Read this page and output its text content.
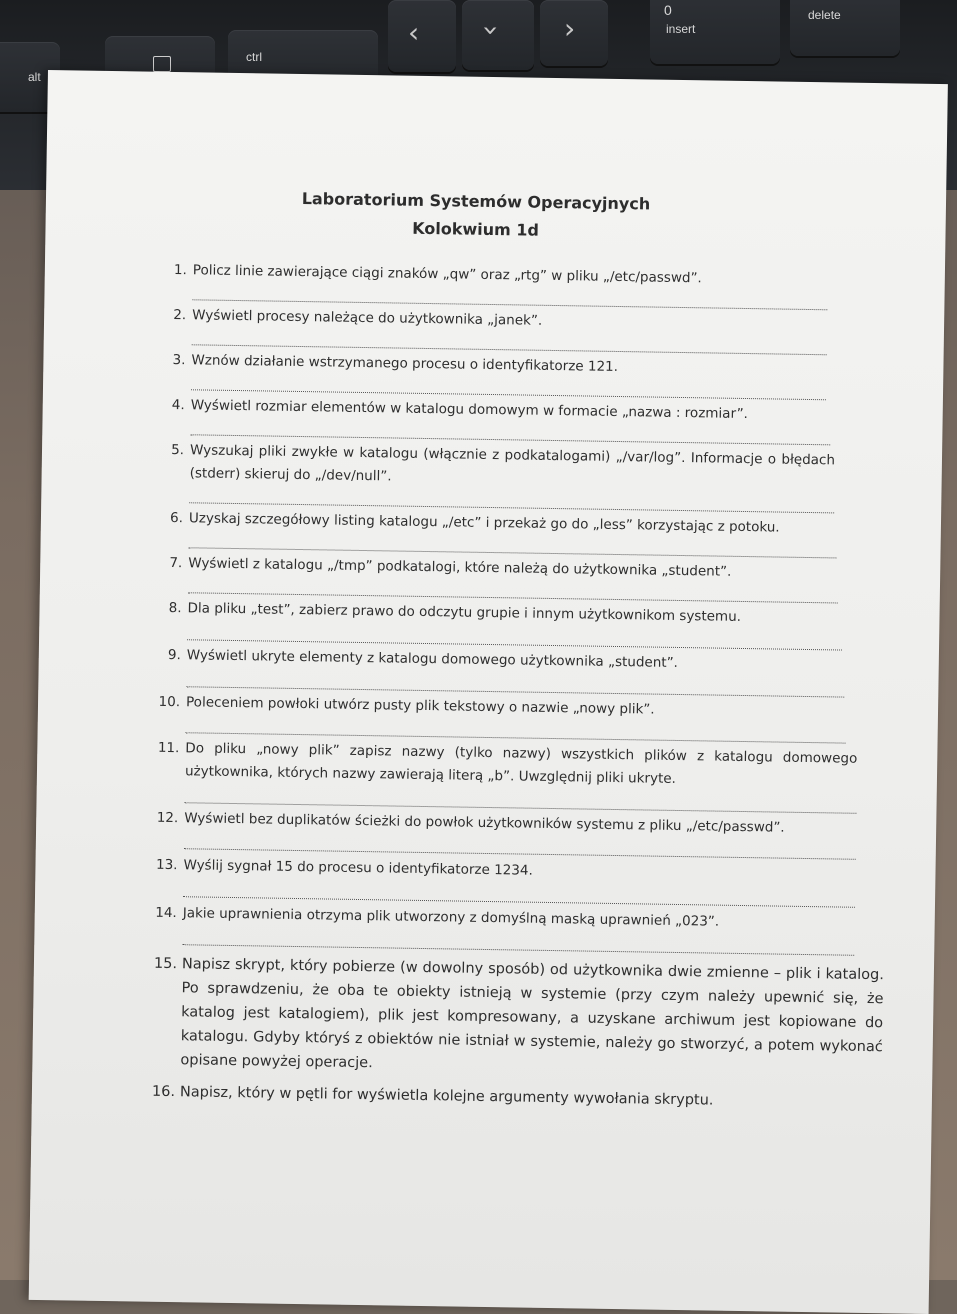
alt
ctrl
‹ › ›
0
insert
delete
Laboratorium Systemów Operacyjnych
Kolokwium 1d
1. Policz linie zawierające ciągi znaków „qw” oraz „rtg” w pliku „/etc/passwd”.
2. Wyświetl procesy należące do użytkownika „janek”.
3. Wznów działanie wstrzymanego procesu o identyfikatorze 121.
4. Wyświetl rozmiar elementów w katalogu domowym w formacie „nazwa : rozmiar”.
5. Wyszukaj pliki zwykłe w katalogu (włącznie z podkatalogami) „/var/log”. Informacje o błędach (stderr) skieruj do „/dev/null”.
6. Uzyskaj szczegółowy listing katalogu „/etc” i przekaż go do „less” korzystając z potoku.
7. Wyświetl z katalogu „/tmp” podkatalogi, które należą do użytkownika „student”.
8. Dla pliku „test”, zabierz prawo do odczytu grupie i innym użytkownikom systemu.
9. Wyświetl ukryte elementy z katalogu domowego użytkownika „student”.
10. Poleceniem powłoki utwórz pusty plik tekstowy o nazwie „nowy plik”.
11. Do pliku „nowy plik” zapisz nazwy (tylko nazwy) wszystkich plików z katalogu domowego użytkownika, których nazwy zawierają literą „b”. Uwzględnij pliki ukryte.
12. Wyświetl bez duplikatów ścieżki do powłok użytkowników systemu z pliku „/etc/passwd”.
13. Wyślij sygnał 15 do procesu o identyfikatorze 1234.
14. Jakie uprawnienia otrzyma plik utworzony z domyślną maską uprawnień „023”.
15. Napisz skrypt, który pobierze (w dowolny sposób) od użytkownika dwie zmienne – plik i katalog. Po sprawdzeniu, że oba te obiekty istnieją w systemie (przy czym należy upewnić się, że katalog jest katalogiem), plik jest kompresowany, a uzyskane archiwum jest kopiowane do katalogu. Gdyby któryś z obiektów nie istniał w systemie, należy go stworzyć, a potem wykonać opisane powyżej operacje.
16. Napisz, który w pętli for wyświetla kolejne argumenty wywołania skryptu.
